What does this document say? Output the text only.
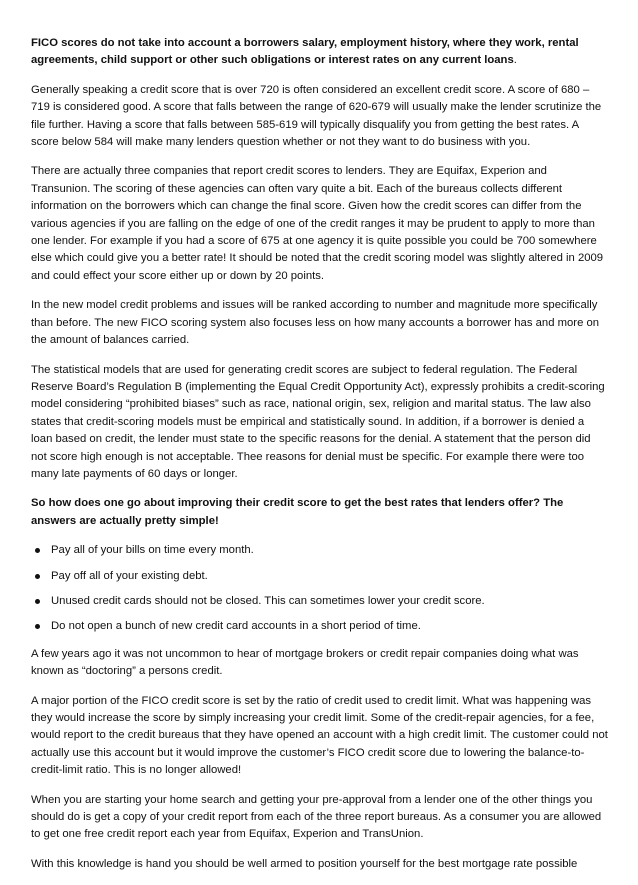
FICO scores do not take into account a borrowers salary, employment history, where they work, rental agreements, child support or other such obligations or interest rates on any current loans.

Generally speaking a credit score that is over 720 is often considered an excellent credit score. A score of 680 – 719 is considered good. A score that falls between the range of 620-679 will usually make the lender scrutinize the file further. Having a score that falls between 585-619 will typically disqualify you from getting the best rates. A score below 584 will make many lenders question whether or not they want to do business with you.

There are actually three companies that report credit scores to lenders. They are Equifax, Experion and Transunion. The scoring of these agencies can often vary quite a bit. Each of the bureaus collects different information on the borrowers which can change the final score. Given how the credit scores can differ from the various agencies if you are falling on the edge of one of the credit ranges it may be prudent to apply to more than one lender. For example if you had a score of 675 at one agency it is quite possible you could be 700 somewhere else which could give you a better rate! It should be noted that the credit scoring model was slightly altered in 2009 and could effect your score either up or down by 20 points.

In the new model credit problems and issues will be ranked according to number and magnitude more specifically than before. The new FICO scoring system also focuses less on how many accounts a borrower has and more on the amount of balances carried.

The statistical models that are used for generating credit scores are subject to federal regulation. The Federal Reserve Board’s Regulation B (implementing the Equal Credit Opportunity Act), expressly prohibits a credit-scoring model considering “prohibited biases” such as race, national origin, sex, religion and marital status. The law also states that credit-scoring models must be empirical and statistically sound. In addition, if a borrower is denied a loan based on credit, the lender must state to the specific reasons for the denial. A statement that the person did not score high enough is not acceptable. Thee reasons for denial must be specific. For example there were too many late payments of 60 days or longer.

So how does one go about improving their credit score to get the best rates that lenders offer? The answers are actually pretty simple!

Pay all of your bills on time every month.
Pay off all of your existing debt.
Unused credit cards should not be closed. This can sometimes lower your credit score.
Do not open a bunch of new credit card accounts in a short period of time.

A few years ago it was not uncommon to hear of mortgage brokers or credit repair companies doing what was known as “doctoring” a persons credit.

A major portion of the FICO credit score is set by the ratio of credit used to credit limit. What was happening was they would increase the score by simply increasing your credit limit. Some of the credit-repair agencies, for a fee, would report to the credit bureaus that they have opened an account with a high credit limit. The customer could not actually use this account but it would improve the customer’s FICO credit score due to lowering the balance-to-credit-limit ratio. This is no longer allowed!

When you are starting your home search and getting your pre-approval from a lender one of the other things you should do is get a copy of your credit report from each of the three report bureaus. As a consumer you are allowed to get one free credit report each year from Equifax, Experion and TransUnion.

With this knowledge is hand you should be well armed to position yourself for the best mortgage rate possible
